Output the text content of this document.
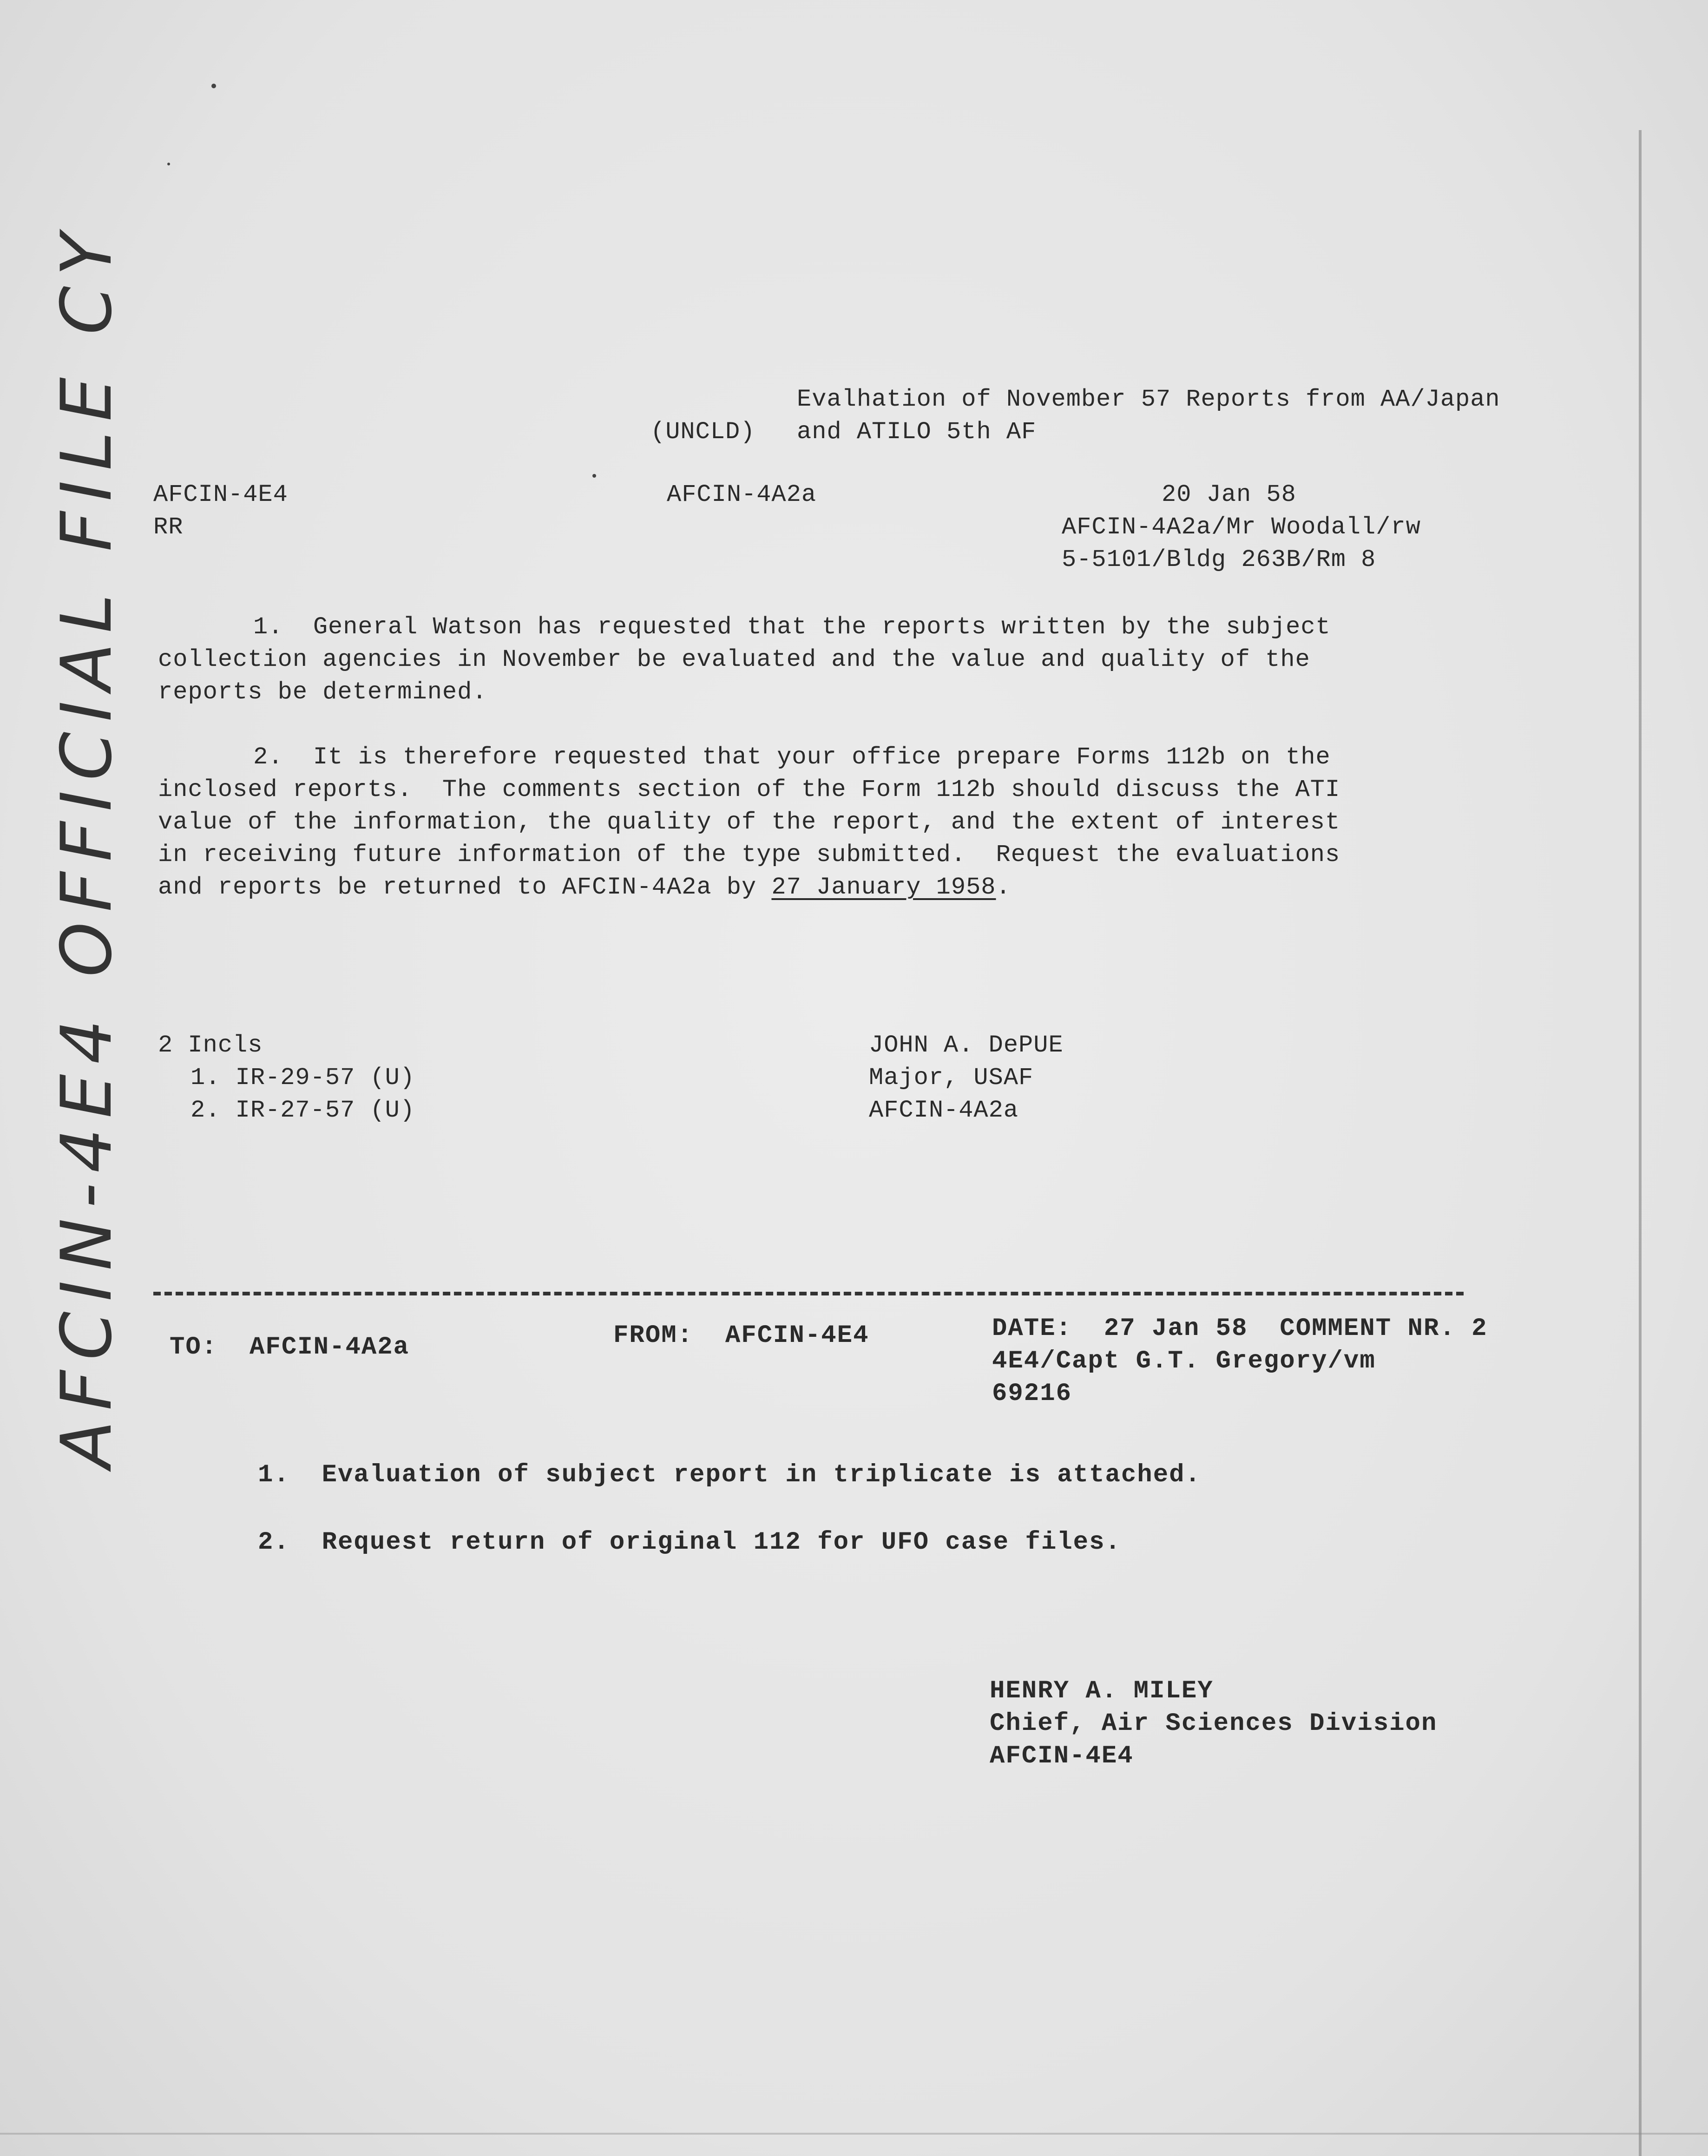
Evalhation of November 57 Reports from AA/Japan
(UNCLD) and ATILO 5th AF
AFCIN-4E4
RR
AFCIN-4A2a	20 Jan 58
AFCIN-4A2a/Mr Woodall/rw
5-5101/Bldg 263B/Rm 8
1.  General Watson has requested that the reports written by the subject
collection agencies in November be evaluated and the value and quality of the
reports be determined.
2.  It is therefore requested that your office prepare Forms 112b on the
inclosed reports.  The comments section of the Form 112b should discuss the ATI
value of the information, the quality of the report, and the extent of interest
in receiving future information of the type submitted.  Request the evaluations
and reports be returned to AFCIN-4A2a by 27 January 1958.
2 Incls
1. IR-29-57 (U)
2. IR-27-57 (U)
JOHN A. DePUE
Major, USAF
AFCIN-4A2a
TO:  AFCIN-4A2a	FROM:  AFCIN-4E4	DATE:  27 Jan 58  COMMENT NR. 2
4E4/Capt G.T. Gregory/vm
69216
1.  Evaluation of subject report in triplicate is attached.
2.  Request return of original 112 for UFO case files.
HENRY A. MILEY
Chief, Air Sciences Division
AFCIN-4E4
AFCIN-4E4 OFFICIAL FILE CY
